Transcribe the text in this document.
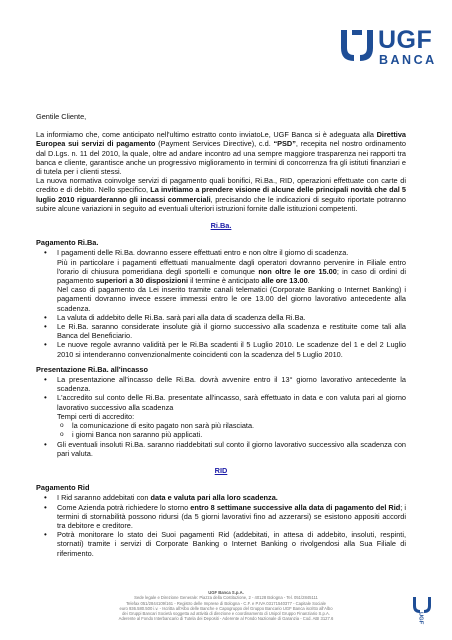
UGF
BANCA

Gentile Cliente,

La informiamo che, come anticipato nell'ultimo estratto conto inviatoLe, UGF Banca si è adeguata alla Direttiva Europea sui servizi di pagamento (Payment Services Directive), c.d. “PSD”, recepita nel nostro ordinamento dal D.Lgs. n. 11 del 2010, la quale, oltre ad andare incontro ad una sempre maggiore trasparenza nei rapporti tra banca e cliente, garantisce anche un progressivo miglioramento in termini di concorrenza fra gli istituti finanziari e di tutela per i clienti stessi.

La nuova normativa coinvolge servizi di pagamento quali bonifici, Ri.Ba., RID, operazioni effettuate con carte di credito e di debito. Nello specifico, La invitiamo a prendere visione di alcune delle principali novità che dal 5 luglio 2010 riguarderanno gli incassi commerciali, precisando che le indicazioni di seguito riportate potranno subire alcune variazioni in seguito ad eventuali ulteriori istruzioni fornite dalle istituzioni competenti.

Ri.Ba.
Pagamento Ri.Ba.
• I pagamenti delle Ri.Ba. dovranno essere effettuati entro e non oltre il giorno di scadenza.
Più in particolare i pagamenti effettuati manualmente dagli operatori dovranno pervenire in Filiale entro l'orario di chiusura pomeridiana degli sportelli e comunque non oltre le ore 15.00; in caso di ordini di pagamento superiori a 30 disposizioni il termine è anticipato alle ore 13.00.
Nel caso di pagamento da Lei inserito tramite canali telematici (Corporate Banking o Internet Banking) i pagamenti dovranno invece essere immessi entro le ore 13.00 del giorno lavorativo antecedente alla scadenza.
• La valuta di addebito delle Ri.Ba. sarà pari alla data di scadenza della Ri.Ba.
• Le Ri.Ba. saranno considerate insolute già il giorno successivo alla scadenza e restituite come tali alla Banca del Beneficiario.
• Le nuove regole avranno validità per le Ri.Ba scadenti il 5 Luglio 2010. Le scadenze del 1 e del 2 Luglio 2010 si intenderanno convenzionalmente coincidenti con la scadenza del 5 Luglio 2010.
Presentazione Ri.Ba. all'incasso
• La presentazione all'incasso delle Ri.Ba. dovrà avvenire entro il 13° giorno lavorativo antecedente la scadenza.
• L'accredito sul conto delle Ri.Ba. presentate all'incasso, sarà effettuato in data e con valuta pari al giorno lavorativo successivo alla scadenza
Tempi certi di accredito:
o la comunicazione di esito pagato non sarà più rilasciata.
o i giorni Banca non saranno più applicati.
• Gli eventuali insoluti Ri.Ba. saranno riaddebitati sul conto il giorno lavorativo successivo alla scadenza con pari valuta.
RID
Pagamento Rid
• I Rid saranno addebitati con data e valuta pari alla loro scadenza.
• Come Azienda potrà richiedere lo storno entro 8 settimane successive alla data di pagamento del Rid; i termini di stornabilità possono ridursi (da 5 giorni lavorativi fino ad azzerarsi) se esistono appositi accordi tra debitore e creditore.
• Potrà monitorare lo stato dei Suoi pagamenti Rid (addebitati, in attesa di addebito, insoluti, respinti, stornati) tramite i servizi di Corporate Banking o Internet Banking o rivolgendosi alla Sua Filiale di riferimento.
UGF Banca S.p.A.
Sede legale e Direzione Generale: Piazza della Costituzione, 2 - 40128 Bologna - Tel. 051/2845111
Telefax 051/2844109/161 - Registro delle Imprese di Bologna - C.F. e P.IVA 03171540377 - Capitale Sociale
euro 936.580.500 i.v. - Iscritta all'Albo delle Banche e Capogruppo del Gruppo Bancario UGF Banca iscritto all'Albo
dei Gruppi Bancari Società soggetta ad attività di direzione e coordinamento di Unipol Gruppo Finanziario S.p.A.
Aderente al Fondo Interbancario di Tutela dei Depositi - Aderente al Fondo Nazionale di Garanzia - Cod. ABI 3127.6	UGF
